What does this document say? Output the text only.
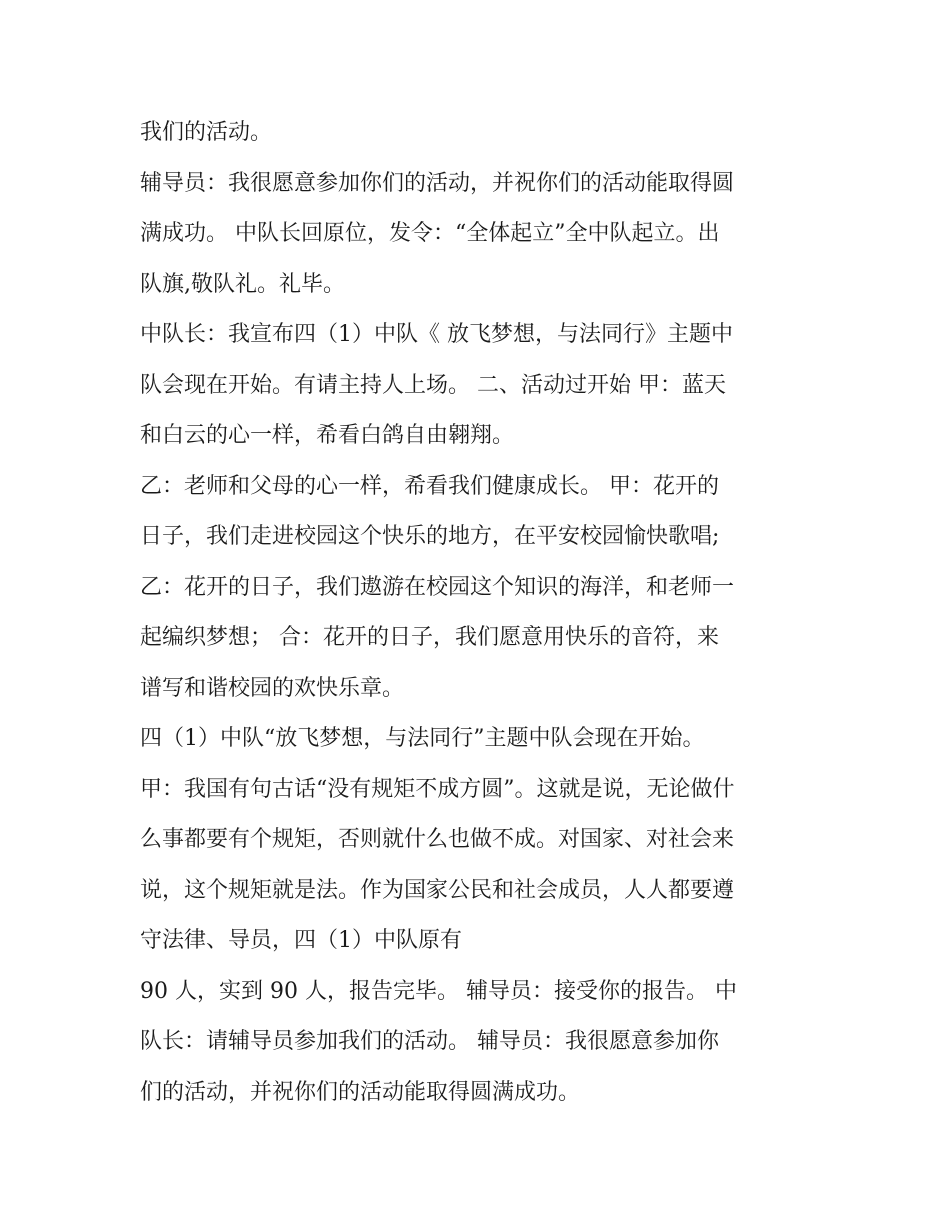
我们的活动。
辅导员：我很愿意参加你们的活动，并祝你们的活动能取得圆
满成功。 中队长回原位，发令：“全体起立”全中队起立。出
队旗,敬队礼。礼毕。
中队长：我宣布四（1）中队《 放飞梦想，与法同行》主题中
队会现在开始。有请主持人上场。 二、活动过开始 甲：蓝天
和白云的心一样，希看白鸽自由翱翔。
乙：老师和父母的心一样，希看我们健康成长。 甲：花开的
日子，我们走进校园这个快乐的地方，在平安校园愉快歌唱;
乙：花开的日子，我们遨游在校园这个知识的海洋，和老师一
起编织梦想； 合：花开的日子，我们愿意用快乐的音符，来
谱写和谐校园的欢快乐章。
四（1）中队“放飞梦想，与法同行”主题中队会现在开始。
甲：我国有句古话“没有规矩不成方圆”。这就是说，无论做什
么事都要有个规矩，否则就什么也做不成。对国家、对社会来
说，这个规矩就是法。作为国家公民和社会成员，人人都要遵
守法律、导员，四（1）中队原有
90 人，实到 90 人，报告完毕。 辅导员：接受你的报告。 中
队长：请辅导员参加我们的活动。 辅导员：我很愿意参加你
们的活动，并祝你们的活动能取得圆满成功。
